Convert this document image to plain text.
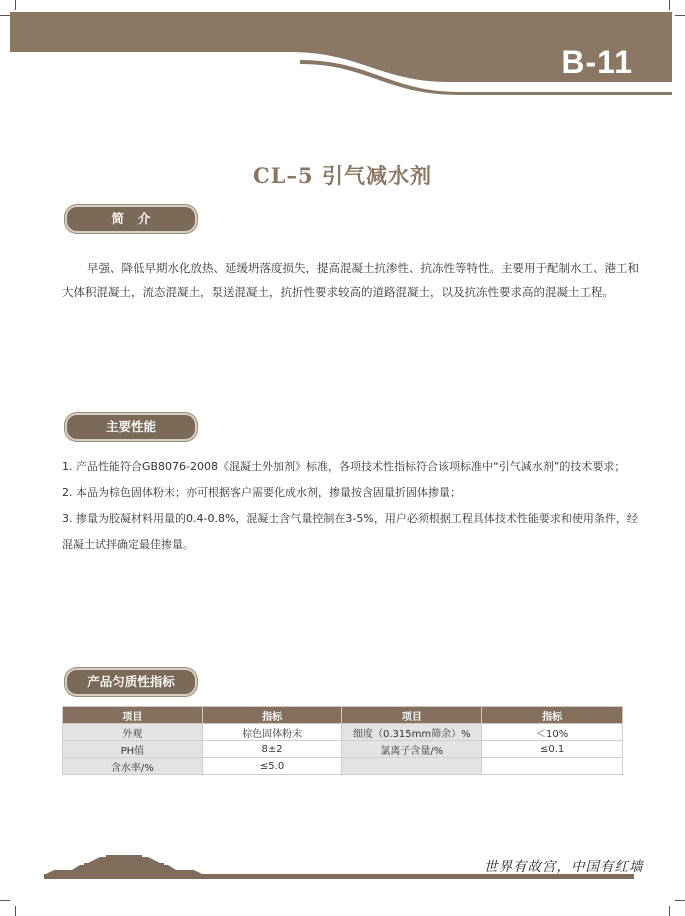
B-11
CL–5 引气减水剂
简介
早强、降低早期水化放热、延缓坍落度损失，提高混凝土抗渗性、抗冻性等特性。主要用于配制水工、港工和大体积混凝土，流态混凝土，泵送混凝土，抗折性要求较高的道路混凝土，以及抗冻性要求高的混凝土工程。
主要性能

1. 产品性能符合GB8076-2008《混凝土外加剂》标准，各项技术性指标符合该项标准中“引气减水剂”的技术要求；

2. 本品为棕色固体粉末；亦可根据客户需要化成水剂，掺量按含固量折固体掺量；

3. 掺量为胶凝材料用量的0.4-0.8%，混凝土含气量控制在3-5%，用户必须根据工程具体技术性能要求和使用条件，经混凝土试拌确定最佳掺量。

产品匀质性指标
项目	指标	项目	指标
外观	棕色固体粉末	细度（0.315mm筛余）%	＜10%
PH值	8±2	氯离子含量/%	≤0.1
含水率/%	≤5.0		
世界有故宫，中国有红墙
